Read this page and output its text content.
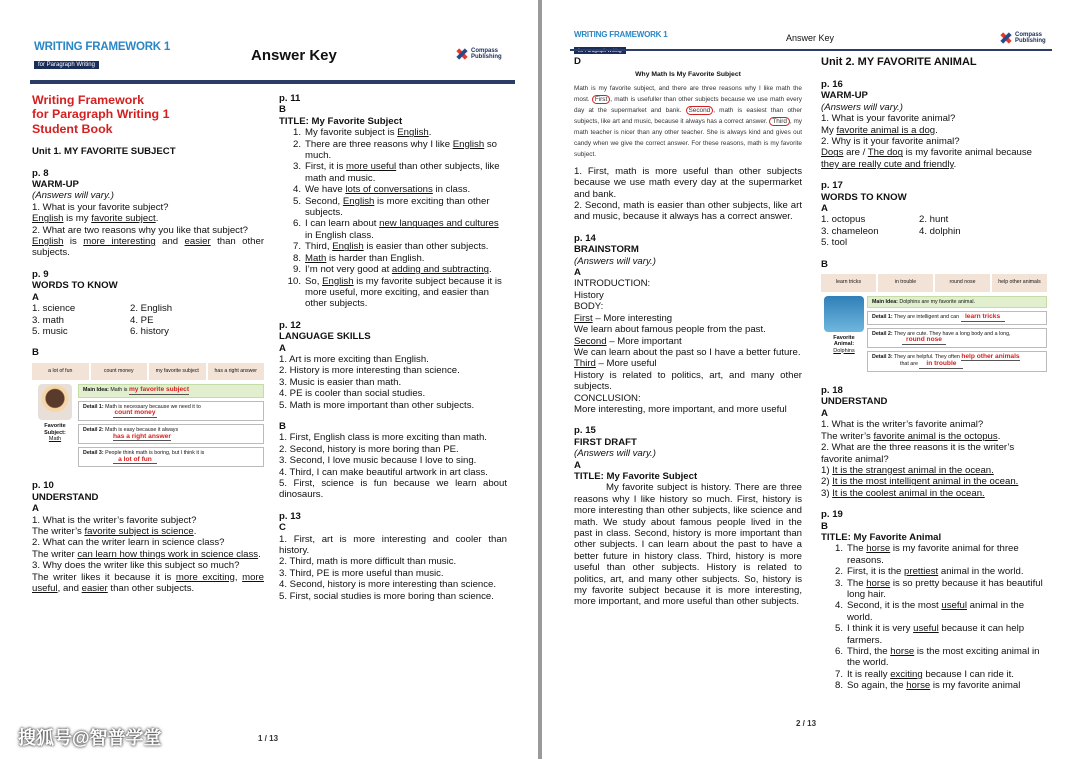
WRITING FRAMEWORK 1
for Paragraph Writing
Answer Key	Compass
Publishing

Writing Framework

for Paragraph Writing 1

Student Book

Unit 1. MY FAVORITE SUBJECT

p. 8

WARM-UP

(Answers will vary.)

1. What is your favorite subject?

English is my favorite subject.

2. What are two reasons why you like that subject?

English is more interesting and easier than other subjects.

p. 9

WORDS TO KNOW

A

1. science	2. English
3. math	4. PE
5. music	6. history

B

a lot of fun	count money	my favorite subject	has a right answer
Favorite
Subject:
Math
Main Idea: Math is my favorite subject
Detail 1: Math is necessary because we need it to
count money
Detail 2: Math is easy because it always
has a right answer
Detail 3: People think math is boring, but I think it is
a lot of fun

p. 10

UNDERSTAND

A

1. What is the writer’s favorite subject?

The writer’s favorite subject is science.

2. What can the writer learn in science class?

The writer can learn how things work in science class.

3. Why does the writer like this subject so much?

The writer likes it because it is more exciting, more useful, and easier than other subjects.

p. 11

B

TITLE: My Favorite Subject

1. My favorite subject is English.
2. There are three reasons why I like English so much.
3. First, it is more useful than other subjects, like math and music.
4. We have lots of conversations in class.
5. Second, English is more exciting than other subjects.
6. I can learn about new languages and cultures in English class.
7. Third, English is easier than other subjects.
8. Math is harder than English.
9. I’m not very good at adding and subtracting.
10. So, English is my favorite subject because it is more useful, more exciting, and easier than other subjects.

p. 12

LANGUAGE SKILLS

A

1. Art is more exciting than English.

2. History is more interesting than science.

3. Music is easier than math.

4. PE is cooler than social studies.

5. Math is more important than other subjects.

B

1. First, English class is more exciting than math.

2. Second, history is more boring than PE.

3. Second, I love music because I love to sing.

4. Third, I can make beautiful artwork in art class.

5. First, science is fun because we learn about dinosaurs.

p. 13

C

1. First, art is more interesting and cooler than history.

2. Third, math is more difficult than music.

3. Third, PE is more useful than music.

4. Second, history is more interesting than science.

5. First, social studies is more boring than science.

1 / 13
WRITING FRAMEWORK 1	Answer Key	Compass
Publishing

D

Why Math Is My Favorite Subject

Math is my favorite subject, and there are three reasons why I like math the most. First , math is usefuller than other subjects because we use math every day at the supermarket and bank. Second , math is easiest than other subjects, like art and music, because it always has a correct answer. Third , my math teacher is nicer than any other teacher. She is always kind and gives out candy when we give the correct answer. For these reasons, math is my favorite subject.

1. First, math is more useful than other subjects because we use math every day at the supermarket and bank.

2. Second, math is easier than other subjects, like art and music, because it always has a correct answer.

p. 14

BRAINSTORM

(Answers will vary.)

A

INTRODUCTION:

History

BODY:

First – More interesting

We learn about famous people from the past.

Second – More important

We can learn about the past so I have a better future.

Third – More useful

History is related to politics, art, and many other subjects.

CONCLUSION:

More interesting, more important, and more useful

p. 15

FIRST DRAFT

(Answers will vary.)

A

TITLE: My Favorite Subject

My favorite subject is history. There are three reasons why I like history so much. First, history is more interesting than other subjects, like science and math. We study about famous people lived in the past in class. Second, history is more important than other subjects. I can learn about the past to have a better future in history class. Third, history is more useful than other subjects. History is related to politics, art, and many other subjects. So, history is my favorite subject because it is more interesting, more important, and more useful than other subjects.

Unit 2. MY FAVORITE ANIMAL

p. 16

WARM-UP

(Answers will vary.)

1. What is your favorite animal?

My favorite animal is a dog.

2. Why is it your favorite animal?

Dogs are / The dog is my favorite animal because they are really cute and friendly.

p. 17

WORDS TO KNOW

A

1. octopus	2. hunt
3. chameleon	4. dolphin
5. tool

B

learn tricks	in trouble	round nose	help other animals
Favorite
Animal:
Dolphins
Main Idea: Dolphins are my favorite animal.
Detail 1: They are intelligent and can learn tricks
Detail 2: They are cute. They have a long body and a long,
round nose
Detail 3: They are helpful. They often help other animals
that are in trouble

p. 18

UNDERSTAND

A

1. What is the writer’s favorite animal?

The writer’s favorite animal is the octopus.

2. What are the three reasons it is the writer’s favorite animal?

1) It is the strangest animal in the ocean.

2) It is the most intelligent animal in the ocean.

3) It is the coolest animal in the ocean.

p. 19

B

TITLE: My Favorite Animal

1. The horse is my favorite animal for three reasons.
2. First, it is the prettiest animal in the world.
3. The horse is so pretty because it has beautiful long hair.
4. Second, it is the most useful animal in the world.
5. I think it is very useful because it can help farmers.
6. Third, the horse is the most exciting animal in the world.
7. It is really exciting because I can ride it.
8. So again, the horse is my favorite animal
2 / 13
搜狐号@智普学堂
